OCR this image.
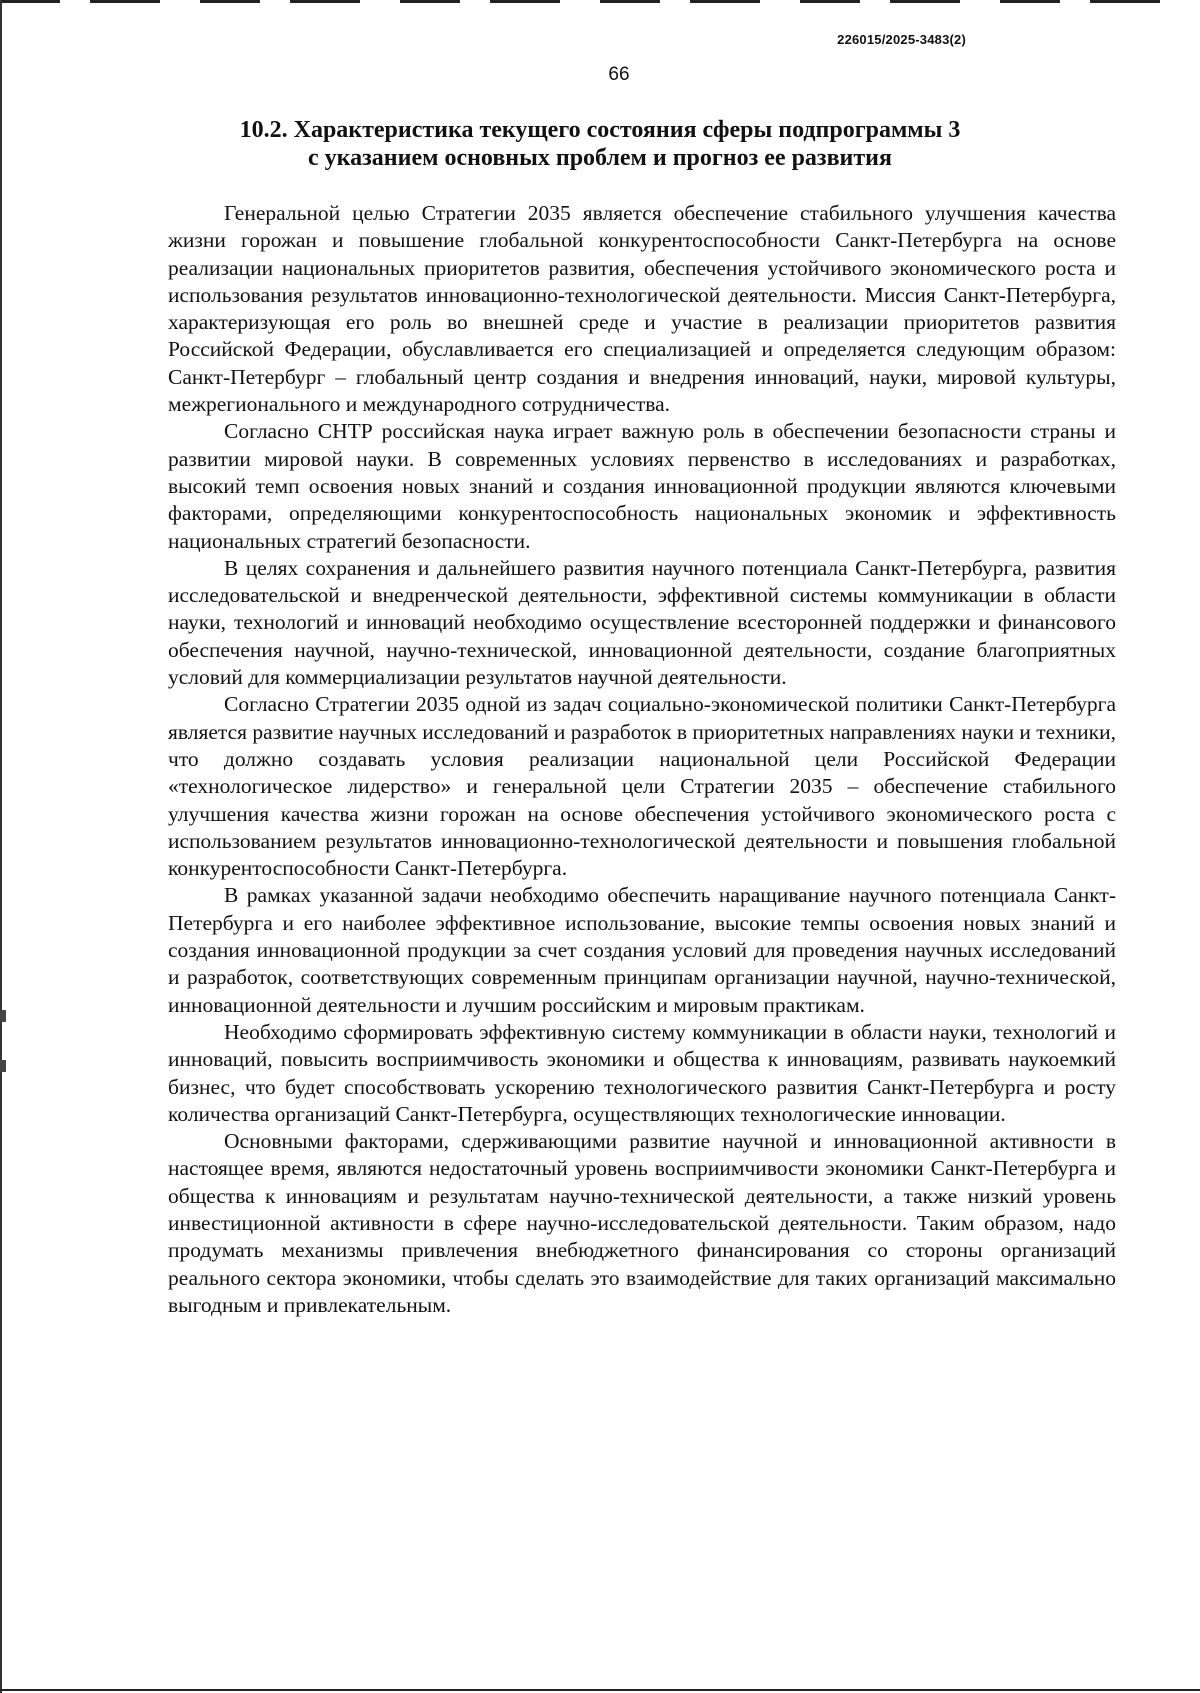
226015/2025-3483(2)
66
10.2. Характеристика текущего состояния сферы подпрограммы 3
с указанием основных проблем и прогноз ее развития

Генеральной целью Стратегии 2035 является обеспечение стабильного улучшения качества жизни горожан и повышение глобальной конкурентоспособности Санкт-Петербурга на основе реализации национальных приоритетов развития, обеспечения устойчивого экономического роста и использования результатов инновационно-технологической деятельности. Миссия Санкт-Петербурга, характеризующая его роль во внешней среде и участие в реализации приоритетов развития Российской Федерации, обуславливается его специализацией и определяется следующим образом: Санкт-Петербург – глобальный центр создания и внедрения инноваций, науки, мировой культуры, межрегионального и международного сотрудничества.

Согласно СНТР российская наука играет важную роль в обеспечении безопасности страны и развитии мировой науки. В современных условиях первенство в исследованиях и разработках, высокий темп освоения новых знаний и создания инновационной продукции являются ключевыми факторами, определяющими конкурентоспособность национальных экономик и эффективность национальных стратегий безопасности.

В целях сохранения и дальнейшего развития научного потенциала Санкт-Петербурга, развития исследовательской и внедренческой деятельности, эффективной системы коммуникации в области науки, технологий и инноваций необходимо осуществление всесторонней поддержки и финансового обеспечения научной, научно-технической, инновационной деятельности, создание благоприятных условий для коммерциализации результатов научной деятельности.

Согласно Стратегии 2035 одной из задач социально-экономической политики Санкт-Петербурга является развитие научных исследований и разработок в приоритетных направлениях науки и техники, что должно создавать условия реализации национальной цели Российской Федерации «технологическое лидерство» и генеральной цели Стратегии 2035 – обеспечение стабильного улучшения качества жизни горожан на основе обеспечения устойчивого экономического роста с использованием результатов инновационно-технологической деятельности и повышения глобальной конкурентоспособности Санкт-Петербурга.

В рамках указанной задачи необходимо обеспечить наращивание научного потенциала Санкт-Петербурга и его наиболее эффективное использование, высокие темпы освоения новых знаний и создания инновационной продукции за счет создания условий для проведения научных исследований и разработок, соответствующих современным принципам организации научной, научно-технической, инновационной деятельности и лучшим российским и мировым практикам.

Необходимо сформировать эффективную систему коммуникации в области науки, технологий и инноваций, повысить восприимчивость экономики и общества к инновациям, развивать наукоемкий бизнес, что будет способствовать ускорению технологического развития Санкт-Петербурга и росту количества организаций Санкт-Петербурга, осуществляющих технологические инновации.

Основными факторами, сдерживающими развитие научной и инновационной активности в настоящее время, являются недостаточный уровень восприимчивости экономики Санкт-Петербурга и общества к инновациям и результатам научно-технической деятельности, а также низкий уровень инвестиционной активности в сфере научно-исследовательской деятельности. Таким образом, надо продумать механизмы привлечения внебюджетного финансирования со стороны организаций реального сектора экономики, чтобы сделать это взаимодействие для таких организаций максимально выгодным и привлекательным.
